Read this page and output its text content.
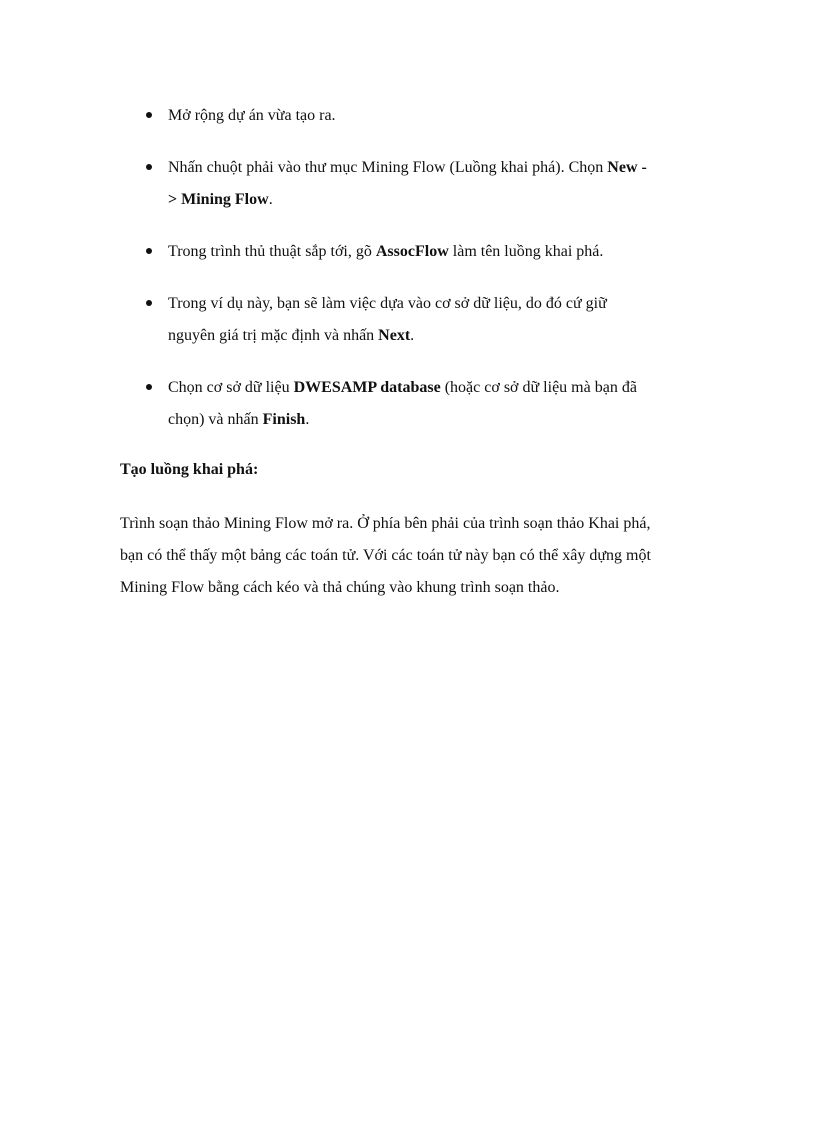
Mở rộng dự án vừa tạo ra.
Nhấn chuột phải vào thư mục Mining Flow (Luồng khai phá). Chọn New -
> Mining Flow.
Trong trình thủ thuật sắp tới, gõ AssocFlow làm tên luồng khai phá.
Trong ví dụ này, bạn sẽ làm việc dựa vào cơ sở dữ liệu, do đó cứ giữ
nguyên giá trị mặc định và nhấn Next.
Chọn cơ sở dữ liệu DWESAMP database (hoặc cơ sở dữ liệu mà bạn đã
chọn) và nhấn Finish.
Tạo luồng khai phá:

Trình soạn thảo Mining Flow mở ra. Ở phía bên phải của trình soạn thảo Khai phá,
bạn có thể thấy một bảng các toán tử. Với các toán tử này bạn có thể xây dựng một
Mining Flow bằng cách kéo và thả chúng vào khung trình soạn thảo.
